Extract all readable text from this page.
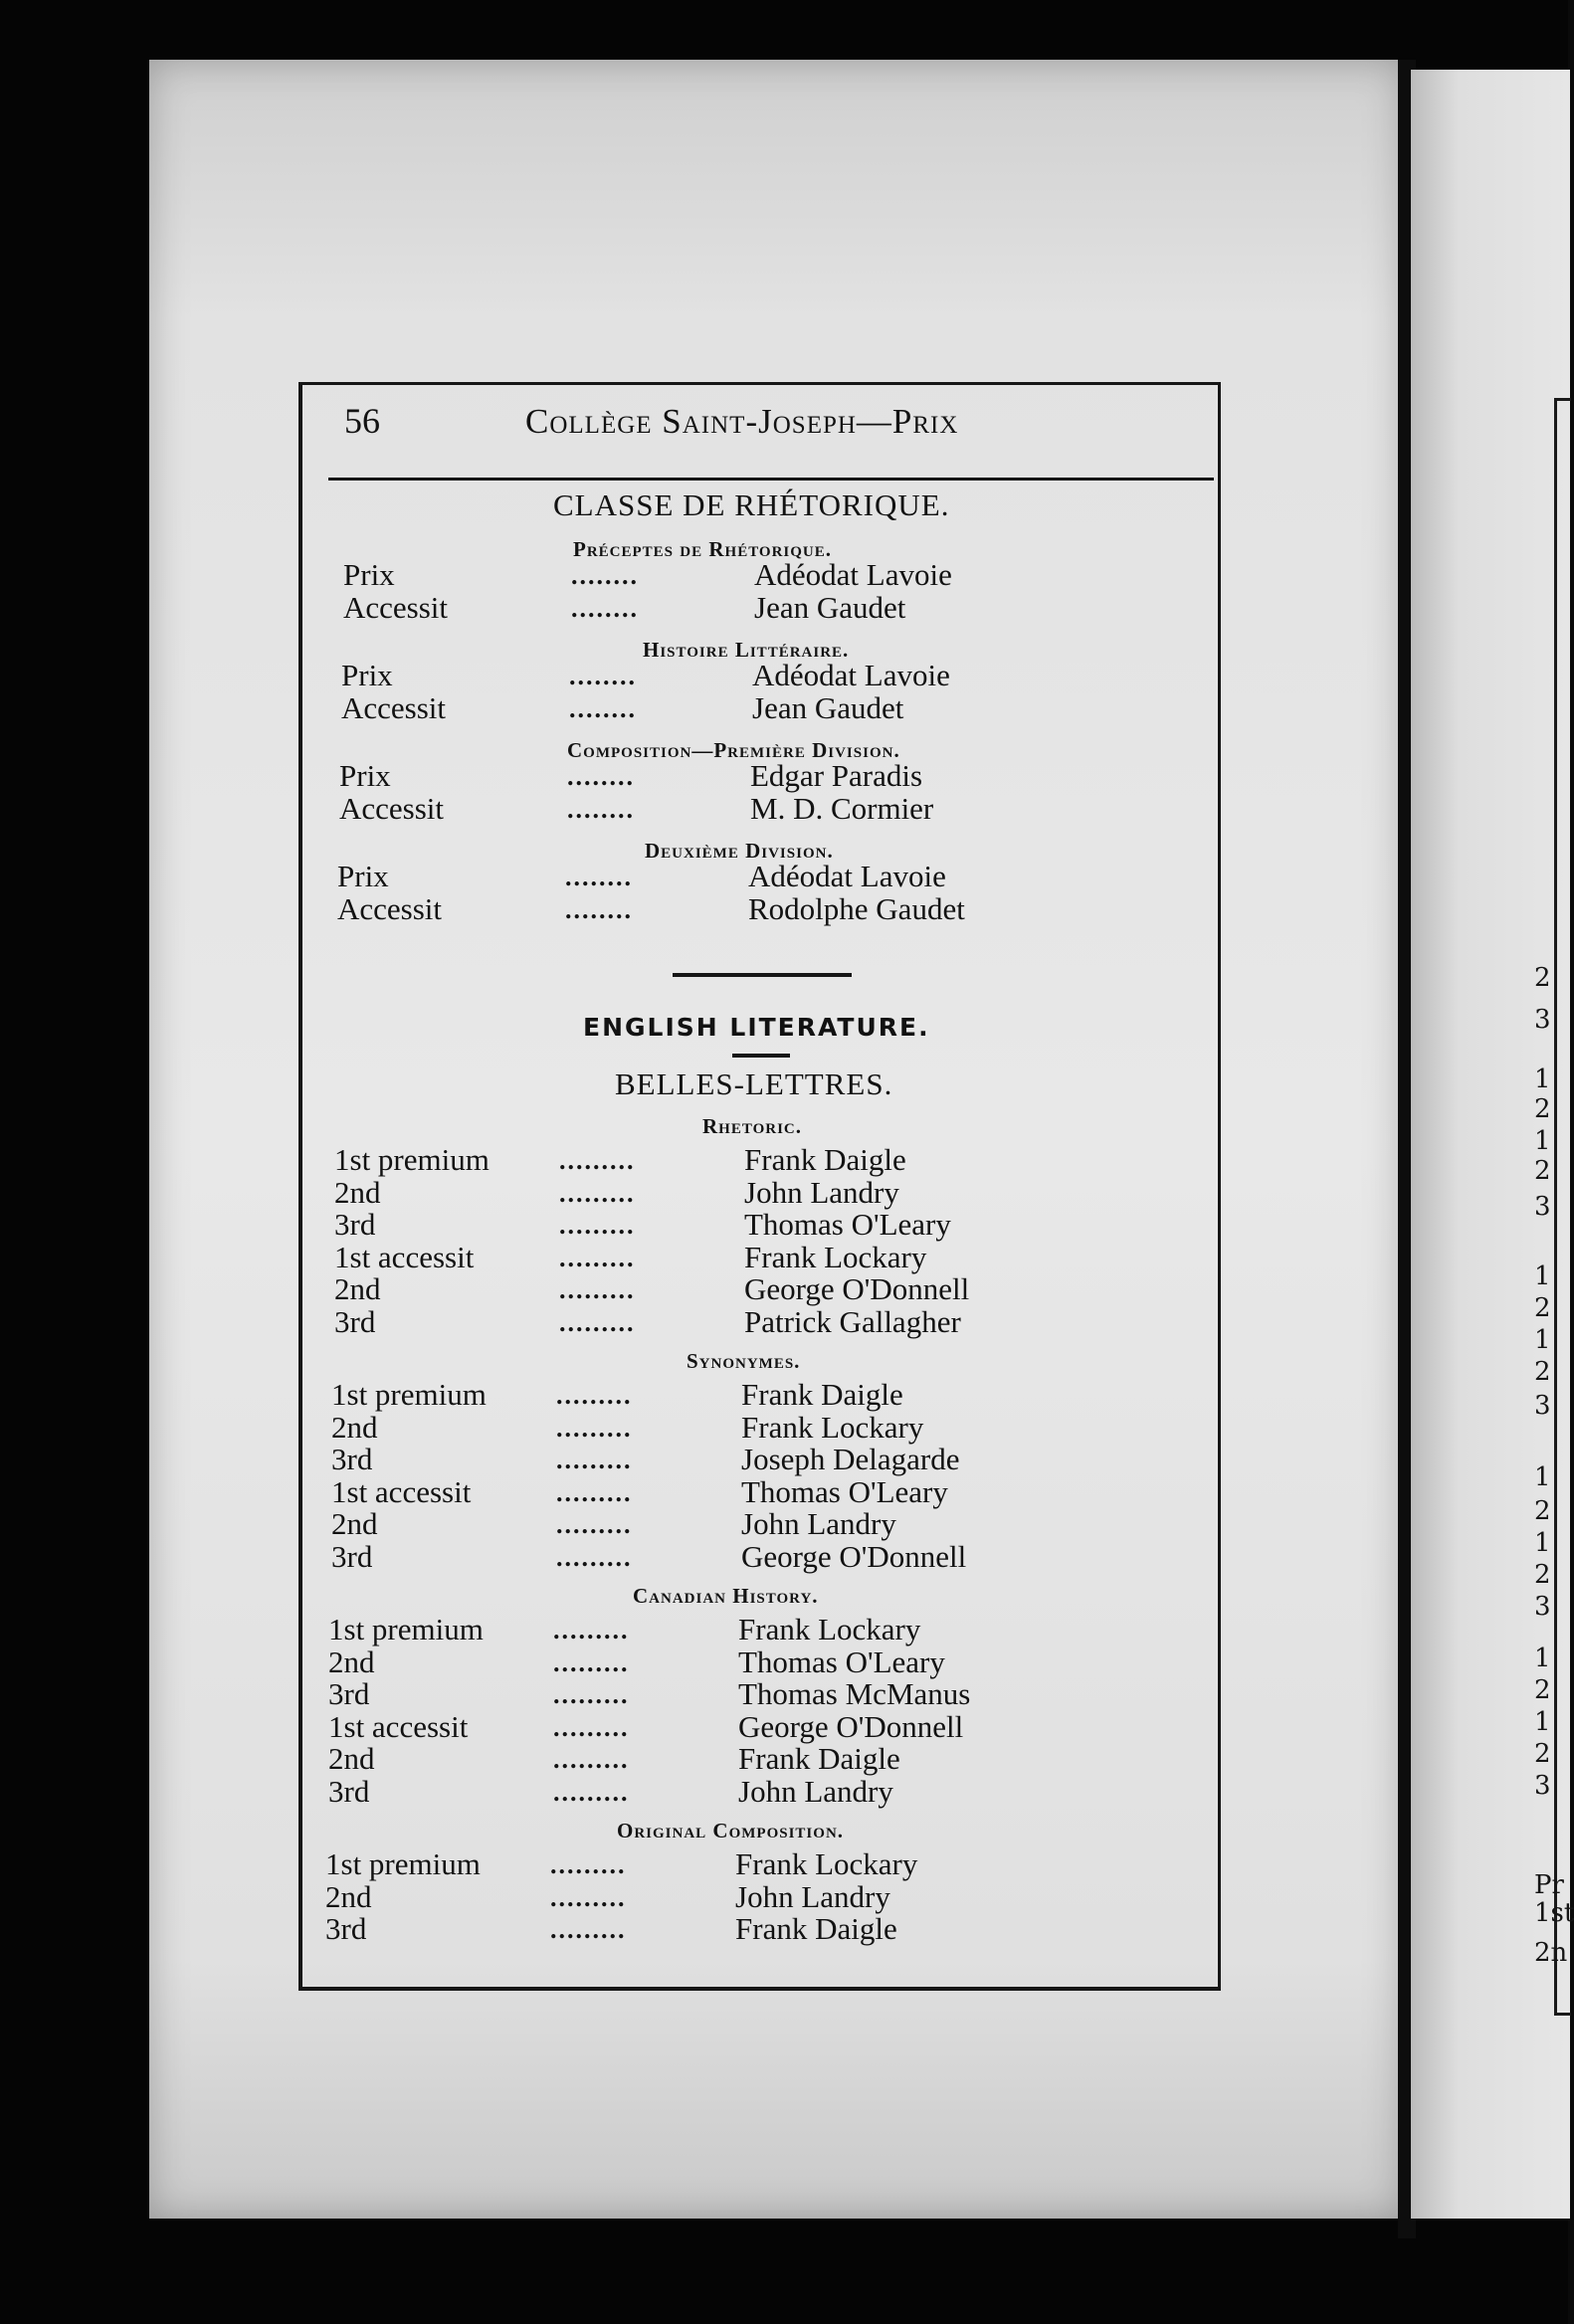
2
3
1
2
1
2
3
1
2
1
2
3
1
2
1
2
3
1
2
1
2
3
Pr
1st
2n
56	Collège Saint-Joseph—Prix
CLASSE DE RHÉTORIQUE.
Préceptes de Rhétorique.
Prix	........	Adéodat Lavoie
Accessit	........	Jean Gaudet
Histoire Littéraire.
Prix	........	Adéodat Lavoie
Accessit	........	Jean Gaudet
Composition—Première Division.
Prix	........	Edgar Paradis
Accessit	........	M. D. Cormier
Deuxième Division.
Prix	........	Adéodat Lavoie
Accessit	........	Rodolphe Gaudet
ENGLISH LITERATURE.
BELLES-LETTRES.
Rhetoric.
1st premium	.........	Frank Daigle
2nd	.........	John Landry
3rd	.........	Thomas O'Leary
1st accessit	.........	Frank Lockary
2nd	.........	George O'Donnell
3rd	.........	Patrick Gallagher
Synonymes.
1st premium	.........	Frank Daigle
2nd	.........	Frank Lockary
3rd	.........	Joseph Delagarde
1st accessit	.........	Thomas O'Leary
2nd	.........	John Landry
3rd	.........	George O'Donnell
Canadian History.
1st premium	.........	Frank Lockary
2nd	.........	Thomas O'Leary
3rd	.........	Thomas McManus
1st accessit	.........	George O'Donnell
2nd	.........	Frank Daigle
3rd	.........	John Landry
Original Composition.
1st premium	.........	Frank Lockary
2nd	.........	John Landry
3rd	.........	Frank Daigle
